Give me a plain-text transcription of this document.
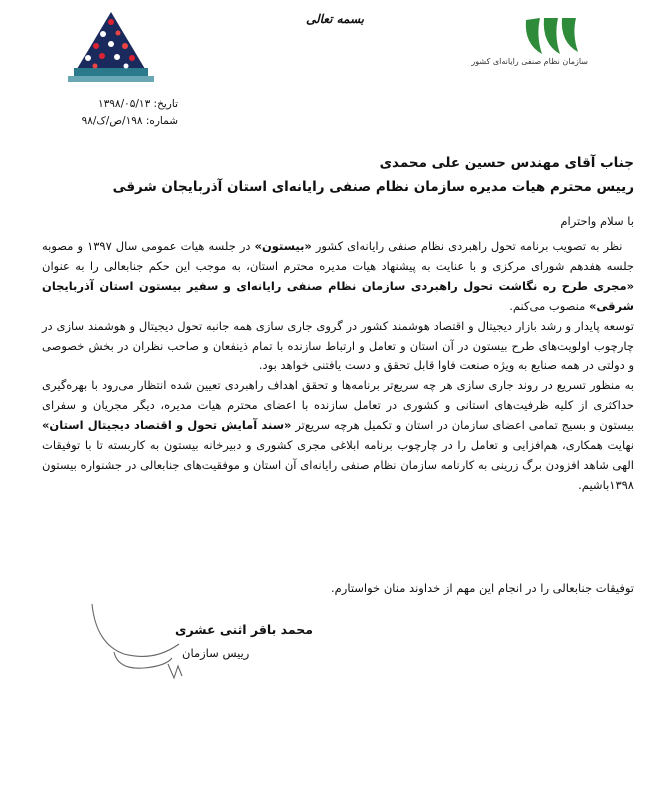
بسمه تعالی
سازمان نظام صنفی رایانه‌ای کشور
تاریخ: ۱۳۹۸/۰۵/۱۳
شماره: ۱۹۸/ص/ک/۹۸
جناب آقای مهندس حسین علی محمدی
رییس محترم هیات مدیره سازمان نظام صنفی رایانه‌ای استان آذربایجان شرقی
با سلام واحترام

 نظر به تصویب برنامه تحول راهبردی نظام صنفی رایانه‌ای کشور «بیستون» در جلسه هیات عمومی سال ۱۳۹۷ و مصوبه جلسه هفدهم شورای مرکزی و با عنایت به پیشنهاد هیات مدیره محترم استان، به موجب این حکم جنابعالی را به عنوان «مجری طرح ره نگاشت تحول راهبردی سازمان نظام صنفی رایانه‌ای و سفیر بیستون استان آذربایجان شرقی» منصوب می‌کنم.

توسعه پایدار و رشد بازار دیجیتال و اقتصاد هوشمند کشور در گروی جاری سازی همه جانبه تحول دیجیتال و هوشمند سازی در چارچوب اولویت‌های طرح بیستون در آن استان و تعامل و ارتباط سازنده با تمام ذینفعان و صاحب نظران در بخش خصوصی و دولتی در همه صنایع به ویژه صنعت فاوا قابل تحقق و دست یافتنی خواهد بود.

به منظور تسریع در روند جاری سازی هر چه سریع‌تر برنامه‌ها و تحقق اهداف راهبردی تعیین شده انتظار می‌رود با بهره‌گیری حداکثری از کلیه ظرفیت‌های استانی و کشوری در تعامل سازنده با اعضای محترم هیات مدیره، دیگر مجریان و سفرای بیستون و بسیج تمامی اعضای سازمان در استان و تکمیل هرچه سریع‌تر «سند آمایش تحول و اقتصاد دیجیتال استان» نهایت همکاری، هم‌افزایی و تعامل را در چارچوب برنامه ابلاغی مجری کشوری و دبیرخانه بیستون به کاربسته تا با توفیقات الهی شاهد افزودن برگ زرینی به کارنامه سازمان نظام صنفی رایانه‌ای آن استان و موفقیت‌های جنابعالی در جشنواره بیستون ۱۳۹۸باشیم.

توفیقات جنابعالی را در انجام این مهم از خداوند منان خواستارم.
محمد باقر اثنی عشری
رییس سازمان
